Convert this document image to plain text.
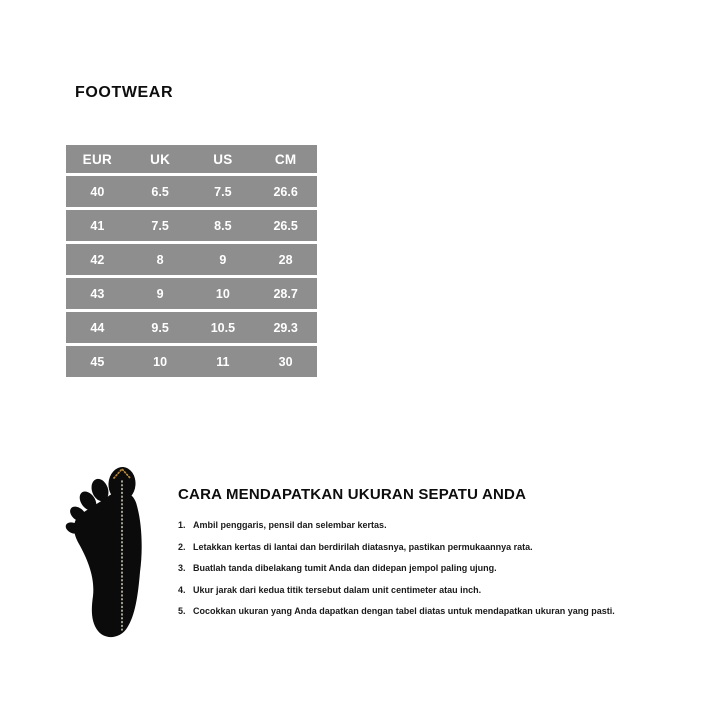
FOOTWEAR
EUR	UK	US	CM
40	6.5	7.5	26.6
41	7.5	8.5	26.5
42	8	9	28
43	9	10	28.7
44	9.5	10.5	29.3
45	10	11	30
CARA MENDAPATKAN UKURAN SEPATU ANDA
1. Ambil penggaris, pensil dan selembar kertas.
2. Letakkan kertas di lantai dan berdirilah diatasnya, pastikan permukaannya rata.
3. Buatlah tanda dibelakang tumit Anda dan didepan jempol paling ujung.
4. Ukur jarak dari kedua titik tersebut dalam unit centimeter atau inch.
5. Cocokkan ukuran yang Anda dapatkan dengan tabel diatas untuk mendapatkan ukuran yang pasti.
